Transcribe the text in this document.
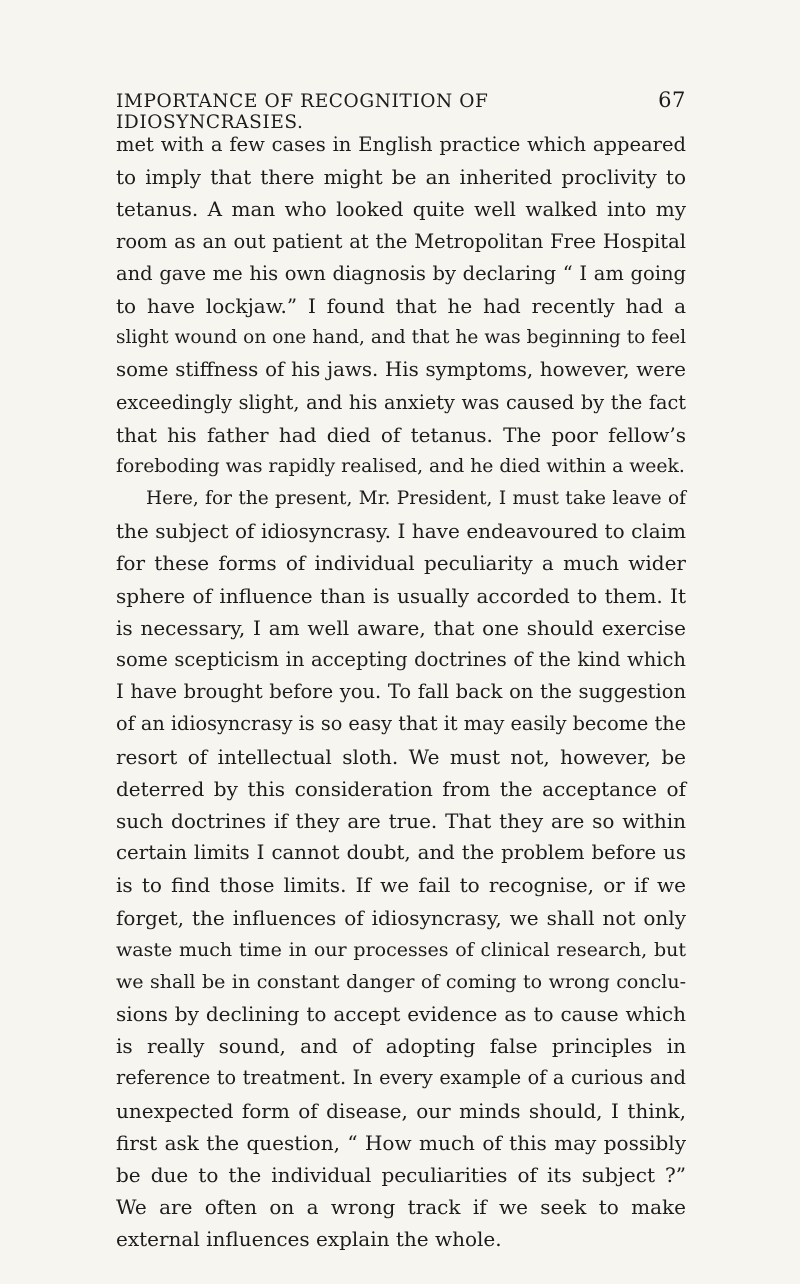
IMPORTANCE OF RECOGNITION OF IDIOSYNCRASIES.
67
met with a few cases in English practice which appeared
to imply that there might be an inherited proclivity to
tetanus. A man who looked quite well walked into my
room as an out patient at the Metropolitan Free Hospital
and gave me his own diagnosis by declaring “ I am going
to have lockjaw.” I found that he had recently had a
slight wound on one hand, and that he was beginning to feel
some stiffness of his jaws. His symptoms, however, were
exceedingly slight, and his anxiety was caused by the fact
that his father had died of tetanus. The poor fellow’s
foreboding was rapidly realised, and he died within a week.
Here, for the present, Mr. President, I must take leave of
the subject of idiosyncrasy. I have endeavoured to claim
for these forms of individual peculiarity a much wider
sphere of influence than is usually accorded to them. It
is necessary, I am well aware, that one should exercise
some scepticism in accepting doctrines of the kind which
I have brought before you. To fall back on the suggestion
of an idiosyncrasy is so easy that it may easily become the
resort of intellectual sloth. We must not, however, be
deterred by this consideration from the acceptance of
such doctrines if they are true. That they are so within
certain limits I cannot doubt, and the problem before us
is to find those limits. If we fail to recognise, or if we
forget, the influences of idiosyncrasy, we shall not only
waste much time in our processes of clinical research, but
we shall be in constant danger of coming to wrong conclu-
sions by declining to accept evidence as to cause which
is really sound, and of adopting false principles in
reference to treatment. In every example of a curious and
unexpected form of disease, our minds should, I think,
first ask the question, “ How much of this may possibly
be due to the individual peculiarities of its subject ?”
We are often on a wrong track if we seek to make
external influences explain the whole.
